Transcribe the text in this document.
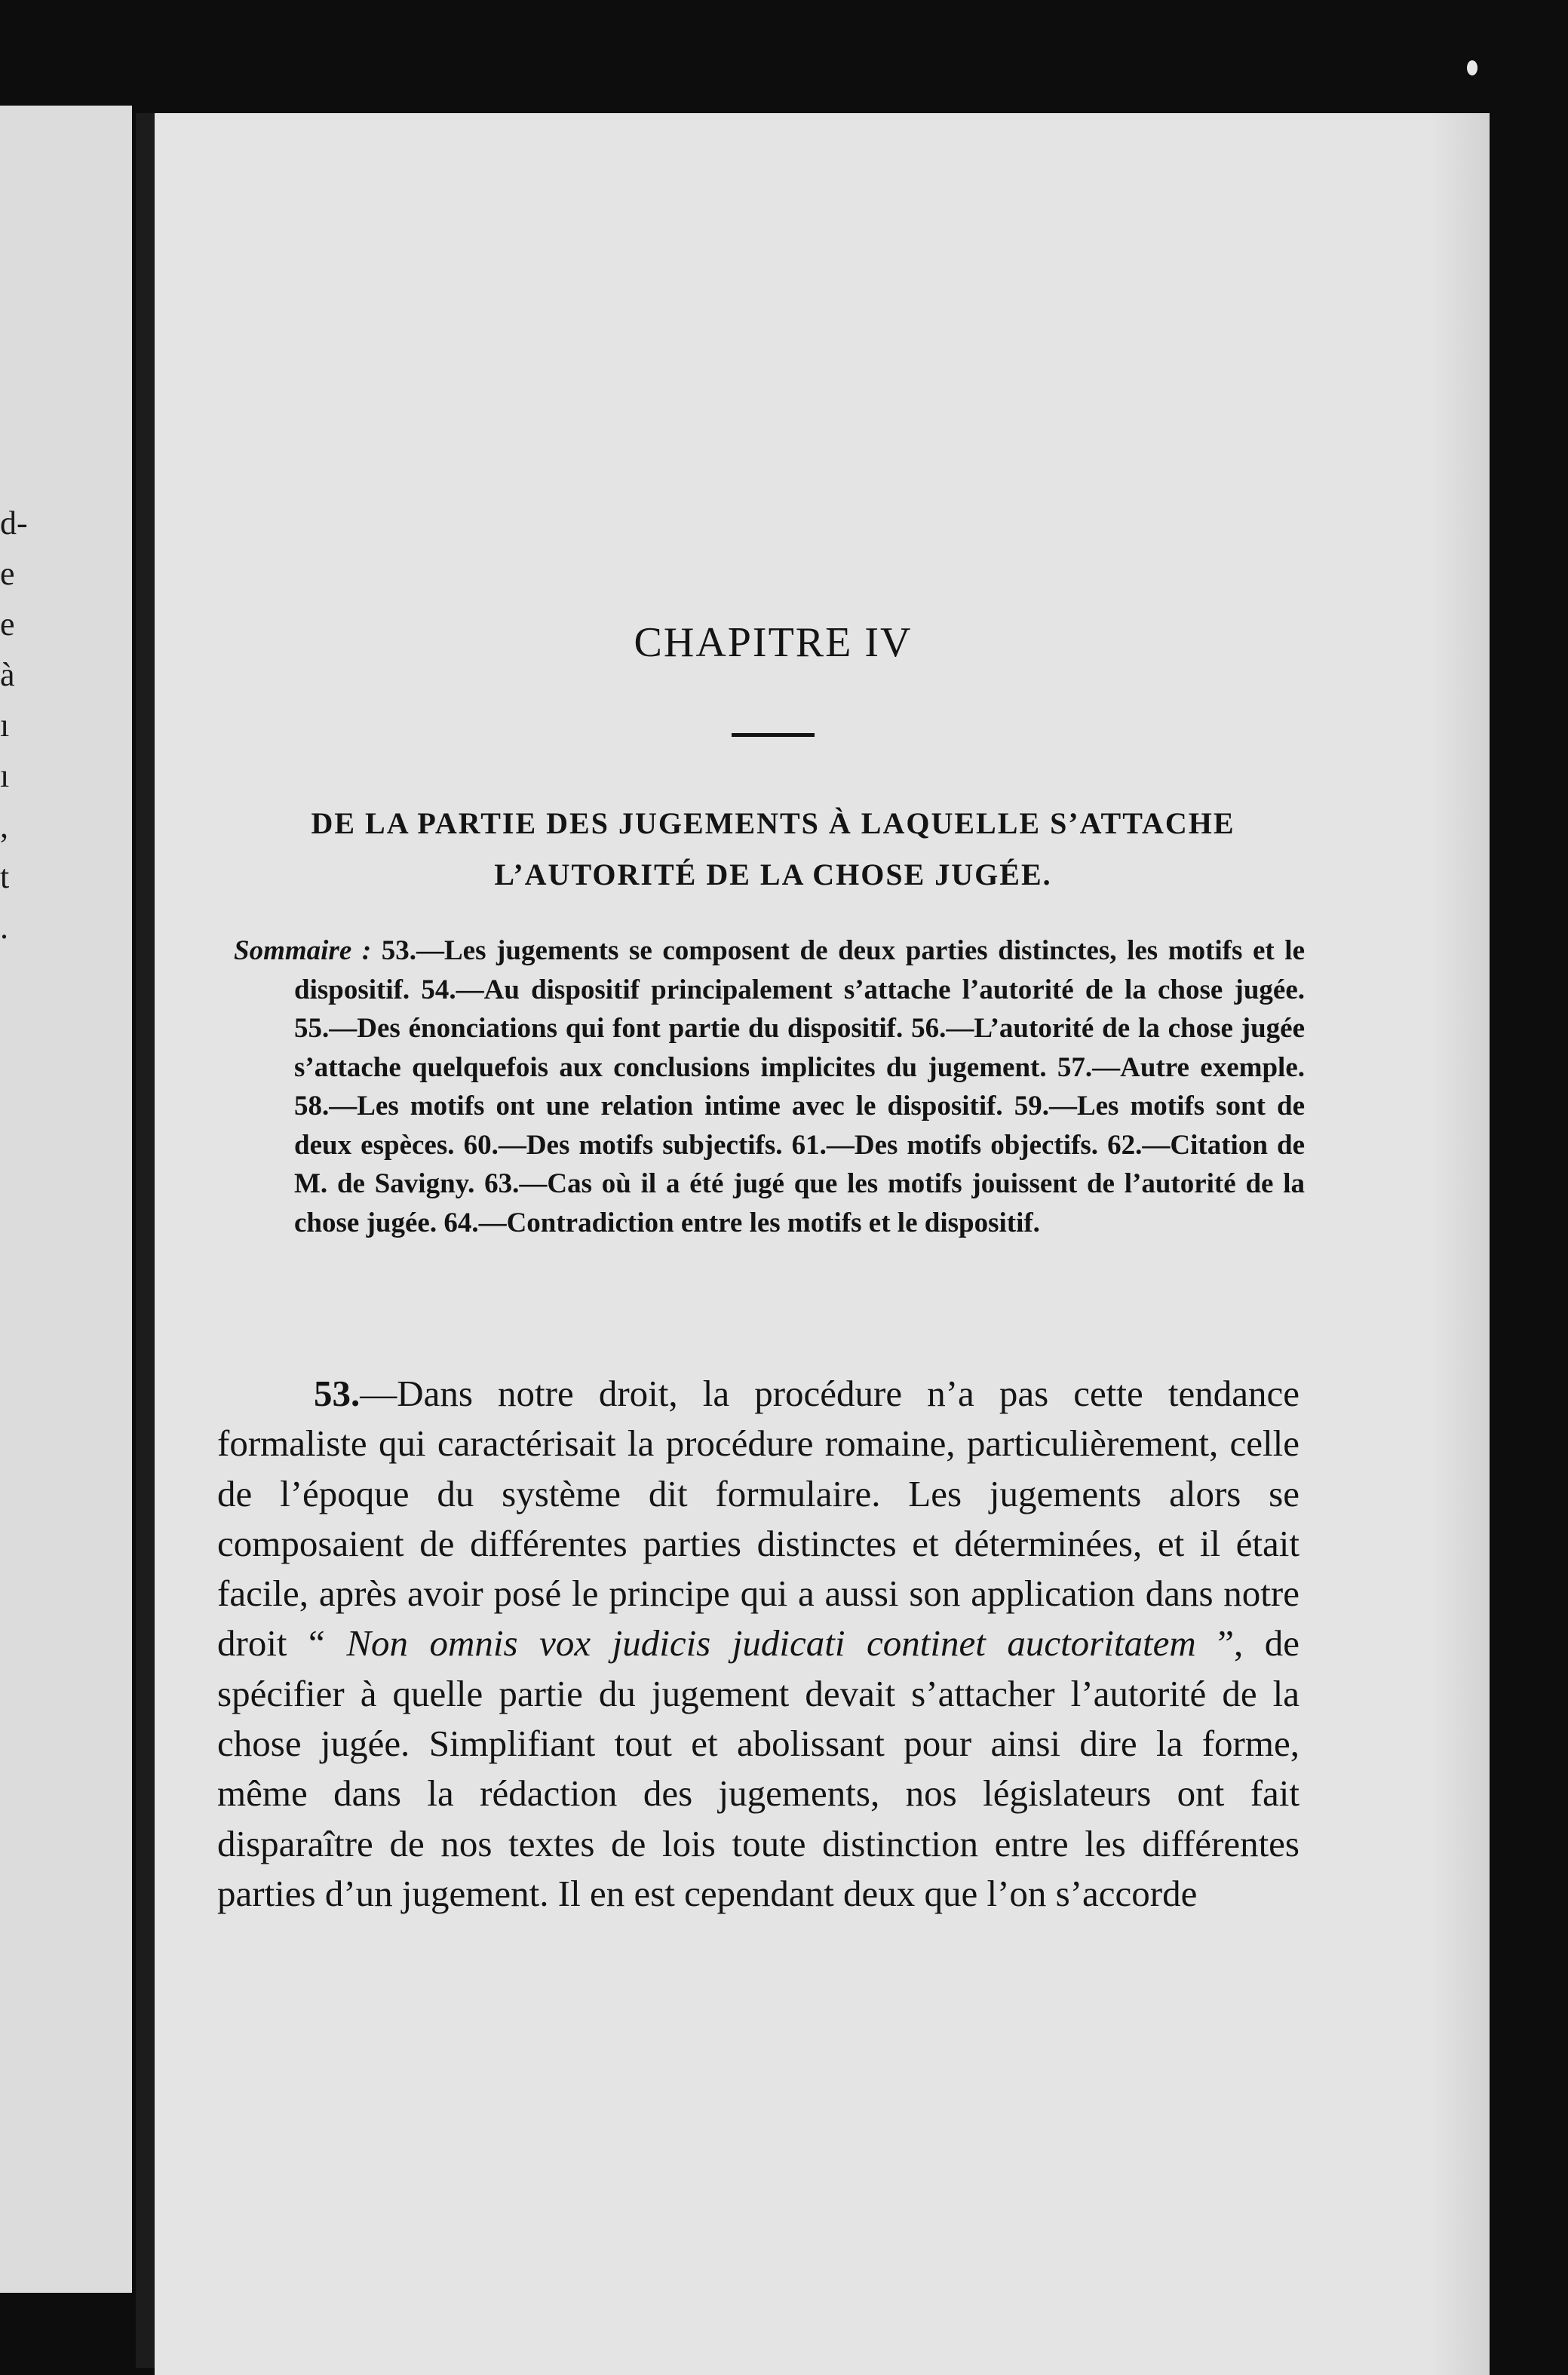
d-
e
e
à
ı
ı
,
t
.
CHAPITRE IV
DE LA PARTIE DES JUGEMENTS À LAQUELLE S’ATTACHE
L’AUTORITÉ DE LA CHOSE JUGÉE.
Sommaire : 53.—Les jugements se composent de deux parties distinctes, les motifs et le dispositif. 54.—Au dispositif principalement s’attache l’autorité de la chose jugée. 55.—Des énonciations qui font partie du dispositif. 56.—L’autorité de la chose jugée s’attache quelquefois aux conclusions implicites du jugement. 57.—Autre exemple. 58.—Les motifs ont une relation intime avec le dispositif. 59.—Les motifs sont de deux espèces. 60.—Des motifs subjectifs. 61.—Des motifs objectifs. 62.—Citation de M. de Savigny. 63.—Cas où il a été jugé que les motifs jouissent de l’autorité de la chose jugée. 64.—Contradiction entre les motifs et le dispositif.
53.—Dans notre droit, la procédure n’a pas cette tendance formaliste qui caractérisait la procédure romaine, particulièrement, celle de l’époque du système dit formulaire. Les jugements alors se composaient de différentes parties distinctes et déterminées, et il était facile, après avoir posé le principe qui a aussi son application dans notre droit “ Non omnis vox judicis judicati continet auctoritatem ”, de spécifier à quelle partie du jugement devait s’attacher l’autorité de la chose jugée. Simplifiant tout et abolissant pour ainsi dire la forme, même dans la rédaction des jugements, nos législateurs ont fait disparaître de nos textes de lois toute distinction entre les différentes parties d’un jugement. Il en est cependant deux que l’on s’accorde
